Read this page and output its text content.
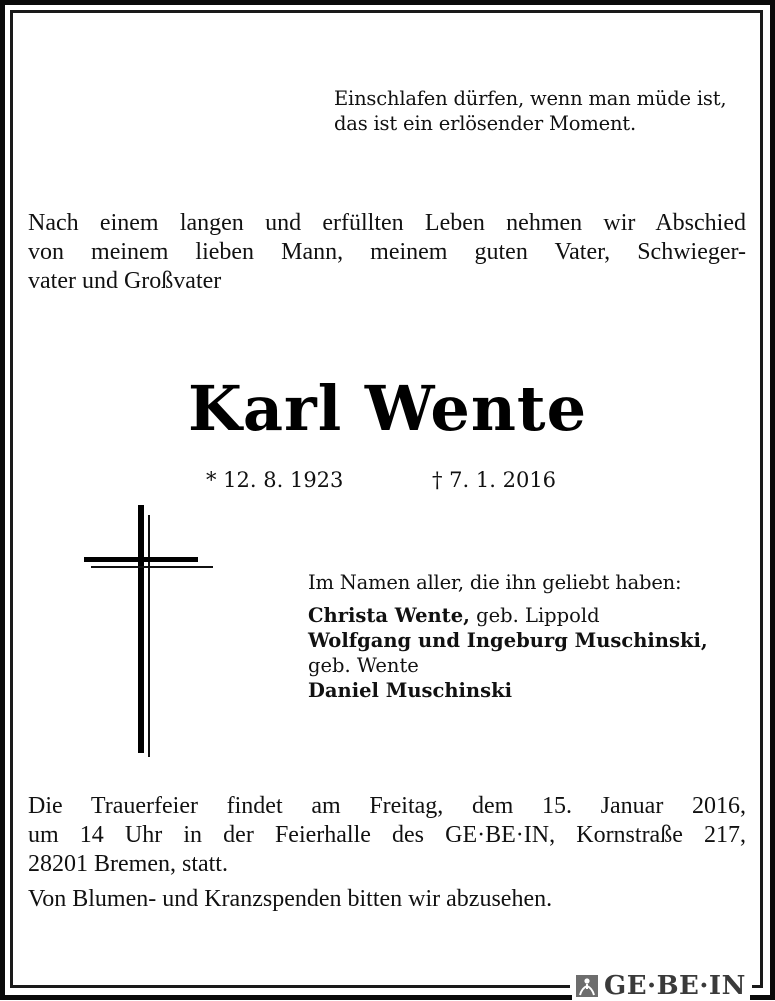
Einschlafen dürfen, wenn man müde ist,
das ist ein erlösender Moment.
Nach einem langen und erfüllten Leben nehmen wir Abschied
von meinem lieben Mann, meinem guten Vater, Schwieger-
vater und Großvater
Karl Wente
* 12. 8. 1923	† 7. 1. 2016
Im Namen aller, die ihn geliebt haben:
Christa Wente, geb. Lippold
Wolfgang und Ingeburg Muschinski,
geb. Wente
Daniel Muschinski
Die Trauerfeier findet am Freitag, dem 15. Januar 2016,
um 14 Uhr in der Feierhalle des GE·BE·IN, Kornstraße 217,
28201 Bremen, statt.
Von Blumen- und Kranzspenden bitten wir abzusehen.
GE·BE·IN
